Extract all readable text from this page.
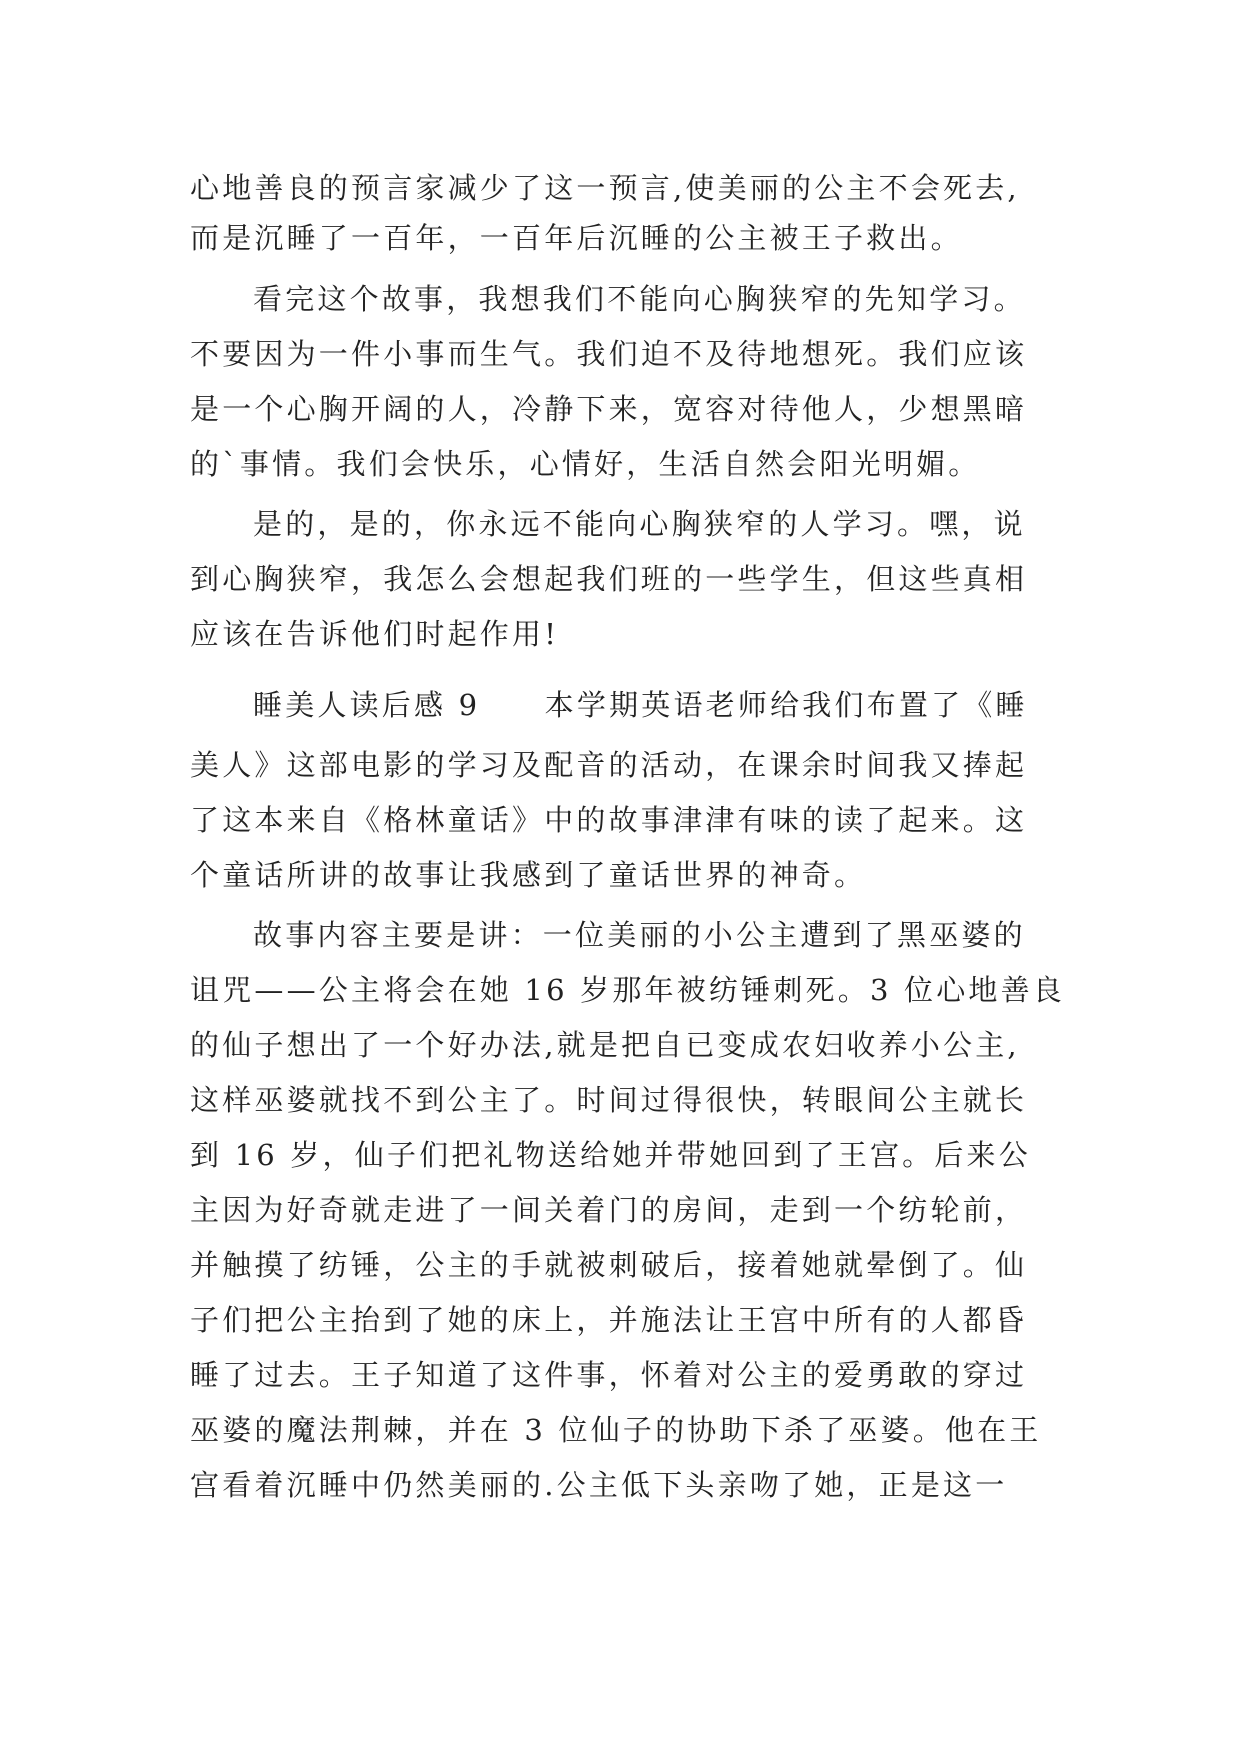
心地善良的预言家减少了这一预言,使美丽的公主不会死去,
而是沉睡了一百年，一百年后沉睡的公主被王子救出。
看完这个故事，我想我们不能向心胸狭窄的先知学习。
不要因为一件小事而生气。我们迫不及待地想死。我们应该
是一个心胸开阔的人，冷静下来，宽容对待他人，少想黑暗
的`事情。我们会快乐，心情好，生活自然会阳光明媚。
是的，是的，你永远不能向心胸狭窄的人学习。嘿，说
到心胸狭窄，我怎么会想起我们班的一些学生，但这些真相
应该在告诉他们时起作用!
睡美人读后感 9　　本学期英语老师给我们布置了《睡
美人》这部电影的学习及配音的活动，在课余时间我又捧起
了这本来自《格林童话》中的故事津津有味的读了起来。这
个童话所讲的故事让我感到了童话世界的神奇。
故事内容主要是讲：一位美丽的小公主遭到了黑巫婆的
诅咒——公主将会在她 16 岁那年被纺锤刺死。3 位心地善良
的仙子想出了一个好办法,就是把自已变成农妇收养小公主,
这样巫婆就找不到公主了。时间过得很快，转眼间公主就长
到 16 岁，仙子们把礼物送给她并带她回到了王宫。后来公
主因为好奇就走进了一间关着门的房间，走到一个纺轮前，
并触摸了纺锤，公主的手就被刺破后，接着她就晕倒了。仙
子们把公主抬到了她的床上，并施法让王宫中所有的人都昏
睡了过去。王子知道了这件事，怀着对公主的爱勇敢的穿过
巫婆的魔法荆棘，并在 3 位仙子的协助下杀了巫婆。他在王
宫看着沉睡中仍然美丽的.公主低下头亲吻了她，正是这一
